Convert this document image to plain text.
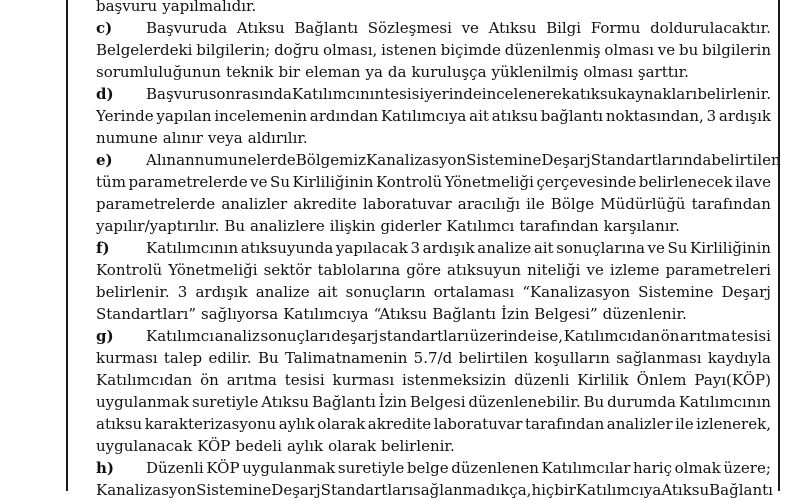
başvuru yapılmalıdır.
c)	Başvuruda Atıksu Bağlantı Sözleşmesi ve Atıksu Bilgi Formu doldurulacaktır.
Belgelerdeki bilgilerin; doğru olması, istenen biçimde düzenlenmiş olması ve bu bilgilerin
sorumluluğunun teknik bir eleman ya da kuruluşça yüklenilmiş olması şarttır.
d)	Başvuru sonrasında Katılımcının tesisi yerinde incelenerek atıksu kaynakları belirlenir.
Yerinde yapılan incelemenin ardından Katılımcıya ait atıksu bağlantı noktasından, 3 ardışık
numune alınır veya aldırılır.
e)	Alınan numunelerde Bölgemiz Kanalizasyon Sistemine Deşarj Standartlarında belirtilen
tüm parametrelerde ve Su Kirliliğinin Kontrolü Yönetmeliği çerçevesinde belirlenecek ilave
parametrelerde analizler akredite laboratuvar aracılığı ile Bölge Müdürlüğü tarafından
yapılır/yaptırılır. Bu analizlere ilişkin giderler Katılımcı tarafından karşılanır.
f)	Katılımcının atıksuyunda yapılacak 3 ardışık analize ait sonuçlarına ve Su Kirliliğinin
Kontrolü Yönetmeliği sektör tablolarına göre atıksuyun niteliği ve izleme parametreleri
belirlenir. 3 ardışık analize ait sonuçların ortalaması “Kanalizasyon Sistemine Deşarj
Standartları” sağlıyorsa Katılımcıya “Atıksu Bağlantı İzin Belgesi” düzenlenir.
g)	Katılımcı analiz sonuçları deşarj standartları üzerinde ise, Katılımcıdan ön arıtma tesisi
kurması talep edilir. Bu Talimatnamenin 5.7/d belirtilen koşulların sağlanması kaydıyla
Katılımcıdan ön arıtma tesisi kurması istenmeksizin düzenli Kirlilik Önlem Payı(KÖP)
uygulanmak suretiyle Atıksu Bağlantı İzin Belgesi düzenlenebilir. Bu durumda Katılımcının
atıksu karakterizasyonu aylık olarak akredite laboratuvar tarafından analizler ile izlenerek,
uygulanacak KÖP bedeli aylık olarak belirlenir.
h)	Düzenli KÖP uygulanmak suretiyle belge düzenlenen Katılımcılar hariç olmak üzere;
Kanalizasyon Sistemine Deşarj Standartları sağlanmadıkça, hiçbir Katılımcıya Atıksu Bağlantı
